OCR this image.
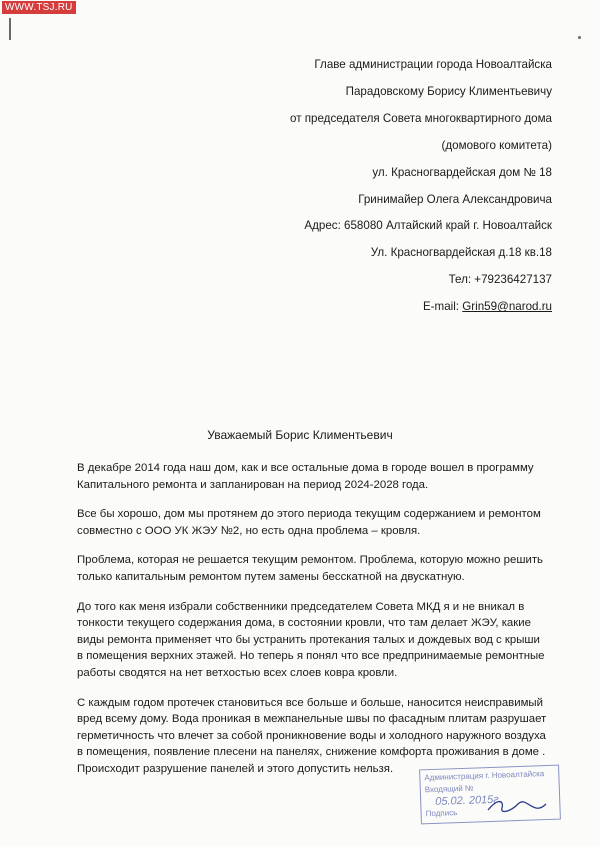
WWW.TSJ.RU
Главе администрации города Новоалтайска
Парадовскому Борису Климентьевичу
от председателя Совета многоквартирного дома
(домового комитета)
ул. Красногвардейская дом № 18
Гринимайер Олега Александровича
Адрес: 658080 Алтайский край г. Новоалтайск
Ул. Красногвардейская д.18 кв.18
Тел: +79236427137
E-mail: Grin59@narod.ru
Уважаемый Борис Климентьевич

В декабре 2014 года наш дом, как и все остальные дома в городе вошел в программу Капитального ремонта и запланирован на период 2024-2028 года.

Все бы хорошо, дом мы протянем до этого периода текущим содержанием и ремонтом совместно с ООО УК ЖЭУ №2, но есть одна проблема – кровля.

Проблема, которая не решается текущим ремонтом. Проблема, которую можно решить только капитальным ремонтом путем замены бесскатной на двускатную.

До того как меня избрали собственники председателем Совета МКД я и не вникал в тонкости текущего содержания дома, в состоянии кровли, что там делает ЖЭУ, какие виды ремонта применяет что бы устранить протекания талых и дождевых вод с крыши в помещения верхних этажей. Но теперь я понял что все предпринимаемые ремонтные работы сводятся на нет ветхостью всех слоев ковра кровли.

С каждым годом протечек становиться все больше и больше, наносится неисправимый вред всему дому. Вода проникая в межпанельные швы по фасадным плитам разрушает герметичность что влечет за собой проникновение воды и холодного наружного воздуха в помещения, появление плесени на панелях, снижение комфорта проживания в доме . Происходит разрушение панелей и этого допустить нельзя.

Администрация г. Новоалтайска
Входящий №
05.02. 2015г.
Подпись
